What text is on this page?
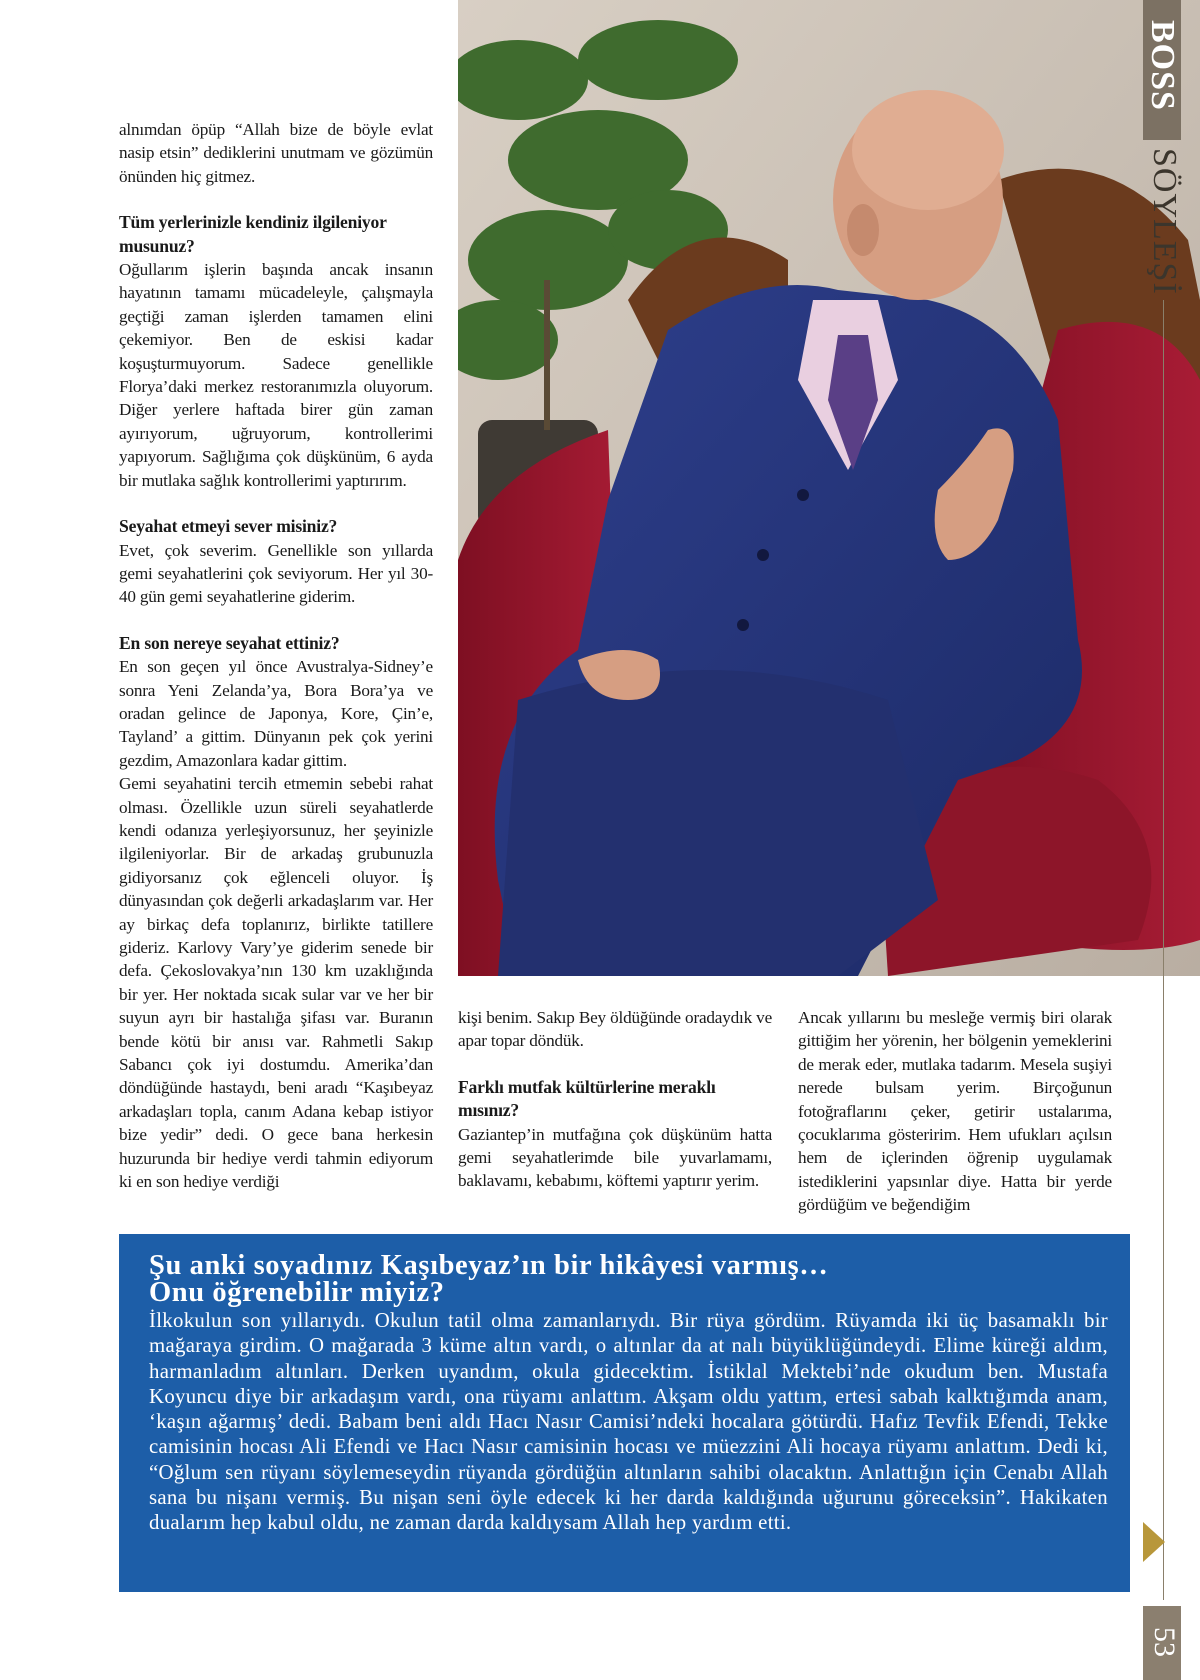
alnımdan öpüp “Allah bize de böyle evlat nasip etsin” dediklerini unutmam ve gözümün önünden hiç gitmez.

Tüm yerlerinizle kendiniz ilgileniyor musunuz?

Oğullarım işlerin başında ancak insanın hayatının tamamı mücadeleyle, çalışmayla geçtiği zaman işlerden tamamen elini çekemiyor. Ben de eskisi kadar koşuşturmuyorum. Sadece genellikle Florya’daki merkez restoranımızla oluyorum. Diğer yerlere haftada birer gün zaman ayırıyorum, uğruyorum, kontrollerimi yapıyorum. Sağlığıma çok düşkünüm, 6 ayda bir mutlaka sağlık kontrollerimi yaptırırım.

Seyahat etmeyi sever misiniz?

Evet, çok severim. Genellikle son yıllarda gemi seyahatlerini çok seviyorum. Her yıl 30-40 gün gemi seyahatlerine giderim.

En son nereye seyahat ettiniz?

En son geçen yıl önce Avustralya-Sidney’e sonra Yeni Zelanda’ya, Bora Bora’ya ve oradan gelince de Japonya, Kore, Çin’e, Tayland’ a gittim. Dünyanın pek çok yerini gezdim, Amazonlara kadar gittim.

Gemi seyahatini tercih etmemin sebebi rahat olması. Özellikle uzun süreli seyahatlerde kendi odanıza yerleşiyorsunuz, her şeyinizle ilgileniyorlar. Bir de arkadaş grubunuzla gidiyorsanız çok eğlenceli oluyor. İş dünyasından çok değerli arkadaşlarım var. Her ay birkaç defa toplanırız, birlikte tatillere gideriz. Karlovy Vary’ye giderim senede bir defa. Çekoslovakya’nın 130 km uzaklığında bir yer. Her noktada sıcak sular var ve her bir suyun ayrı bir hastalığa şifası var. Buranın bende kötü bir anısı var. Rahmetli Sakıp Sabancı çok iyi dostumdu. Amerika’dan döndüğünde hastaydı, beni aradı “Kaşıbeyaz arkadaşları topla, canım Adana kebap istiyor bize yedir” dedi. O gece bana herkesin huzurunda bir hediye verdi tahmin ediyorum ki en son hediye verdiği

kişi benim. Sakıp Bey öldüğünde oradaydık ve apar topar döndük.

Farklı mutfak kültürlerine meraklı mısınız?

Gaziantep’in mutfağına çok düşkünüm hatta gemi seyahatlerimde bile yuvarlamamı, baklavamı, kebabımı, köftemi yaptırır yerim.

Ancak yıllarını bu mesleğe vermiş biri olarak gittiğim her yörenin, her bölgenin yemeklerini de merak eder, mutlaka tadarım. Mesela suşiyi nerede bulsam yerim. Birçoğunun fotoğraflarını çeker, getirir ustalarıma, çocuklarıma gösteririm. Hem ufukları açılsın hem de içlerinden öğrenip uygulamak istediklerini yapsınlar diye. Hatta bir yerde gördüğüm ve beğendiğim

Şu anki soyadınız Kaşıbeyaz’ın bir hikâyesi varmış…
Onu öğrenebilir miyiz?

İlkokulun son yıllarıydı. Okulun tatil olma zamanlarıydı. Bir rüya gördüm. Rüyamda iki üç basamaklı bir mağaraya girdim. O mağarada 3 küme altın vardı, o altınlar da at nalı büyüklüğündeydi. Elime küreği aldım, harmanladım altınları. Derken uyandım, okula gidecektim. İstiklal Mektebi’nde okudum ben. Mustafa Koyuncu diye bir arkadaşım vardı, ona rüyamı anlattım. Akşam oldu yattım, ertesi sabah kalktığımda anam, ‘kaşın ağarmış’ dedi. Babam beni aldı Hacı Nasır Camisi’ndeki hocalara götürdü. Hafız Tevfik Efendi, Tekke camisinin hocası Ali Efendi ve Hacı Nasır camisinin hocası ve müezzini Ali hocaya rüyamı anlattım. Dedi ki, “Oğlum sen rüyanı söylemeseydin rüyanda gördüğün altınların sahibi olacaktın. Anlattığın için Cenabı Allah sana bu nişanı vermiş. Bu nişan seni öyle edecek ki her darda kaldığında uğurunu göreceksin”. Hakikaten dualarım hep kabul oldu, ne zaman darda kaldıysam Allah hep yardım etti.

BOSS
SÖYLEŞİ
53
